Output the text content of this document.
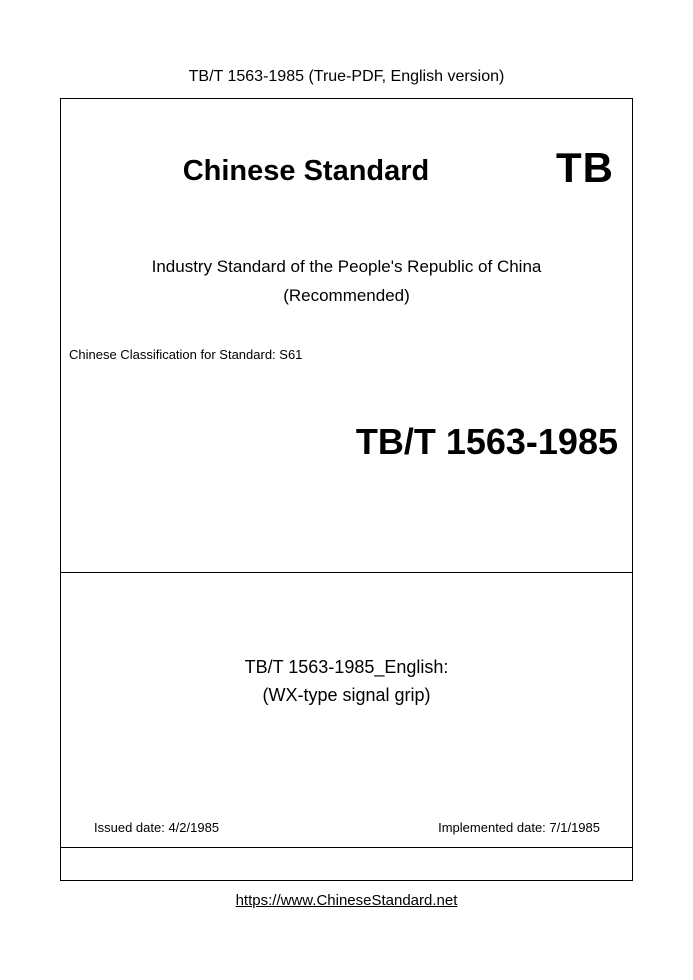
TB/T 1563-1985 (True-PDF, English version)
Chinese Standard	TB
Industry Standard of the People's Republic of China
(Recommended)
Chinese Classification for Standard: S61
TB/T 1563-1985
TB/T 1563-1985_English:
(WX-type signal grip)
Issued date: 4/2/1985	Implemented date: 7/1/1985
https://www.ChineseStandard.net
